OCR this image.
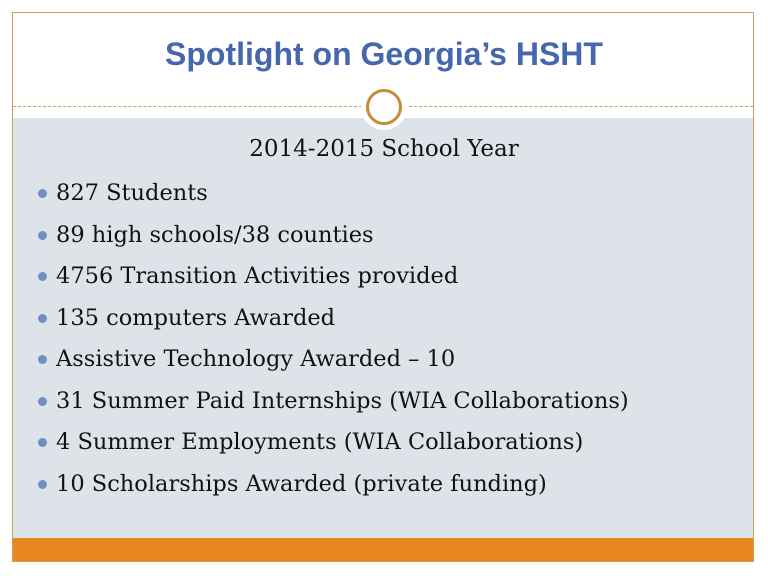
Spotlight on Georgia’s HSHT
2014-2015 School Year
827 Students
89 high schools/38 counties
4756 Transition Activities provided
135 computers Awarded
Assistive Technology Awarded – 10
31 Summer Paid Internships (WIA Collaborations)
4 Summer Employments (WIA Collaborations)
10 Scholarships Awarded (private funding)
